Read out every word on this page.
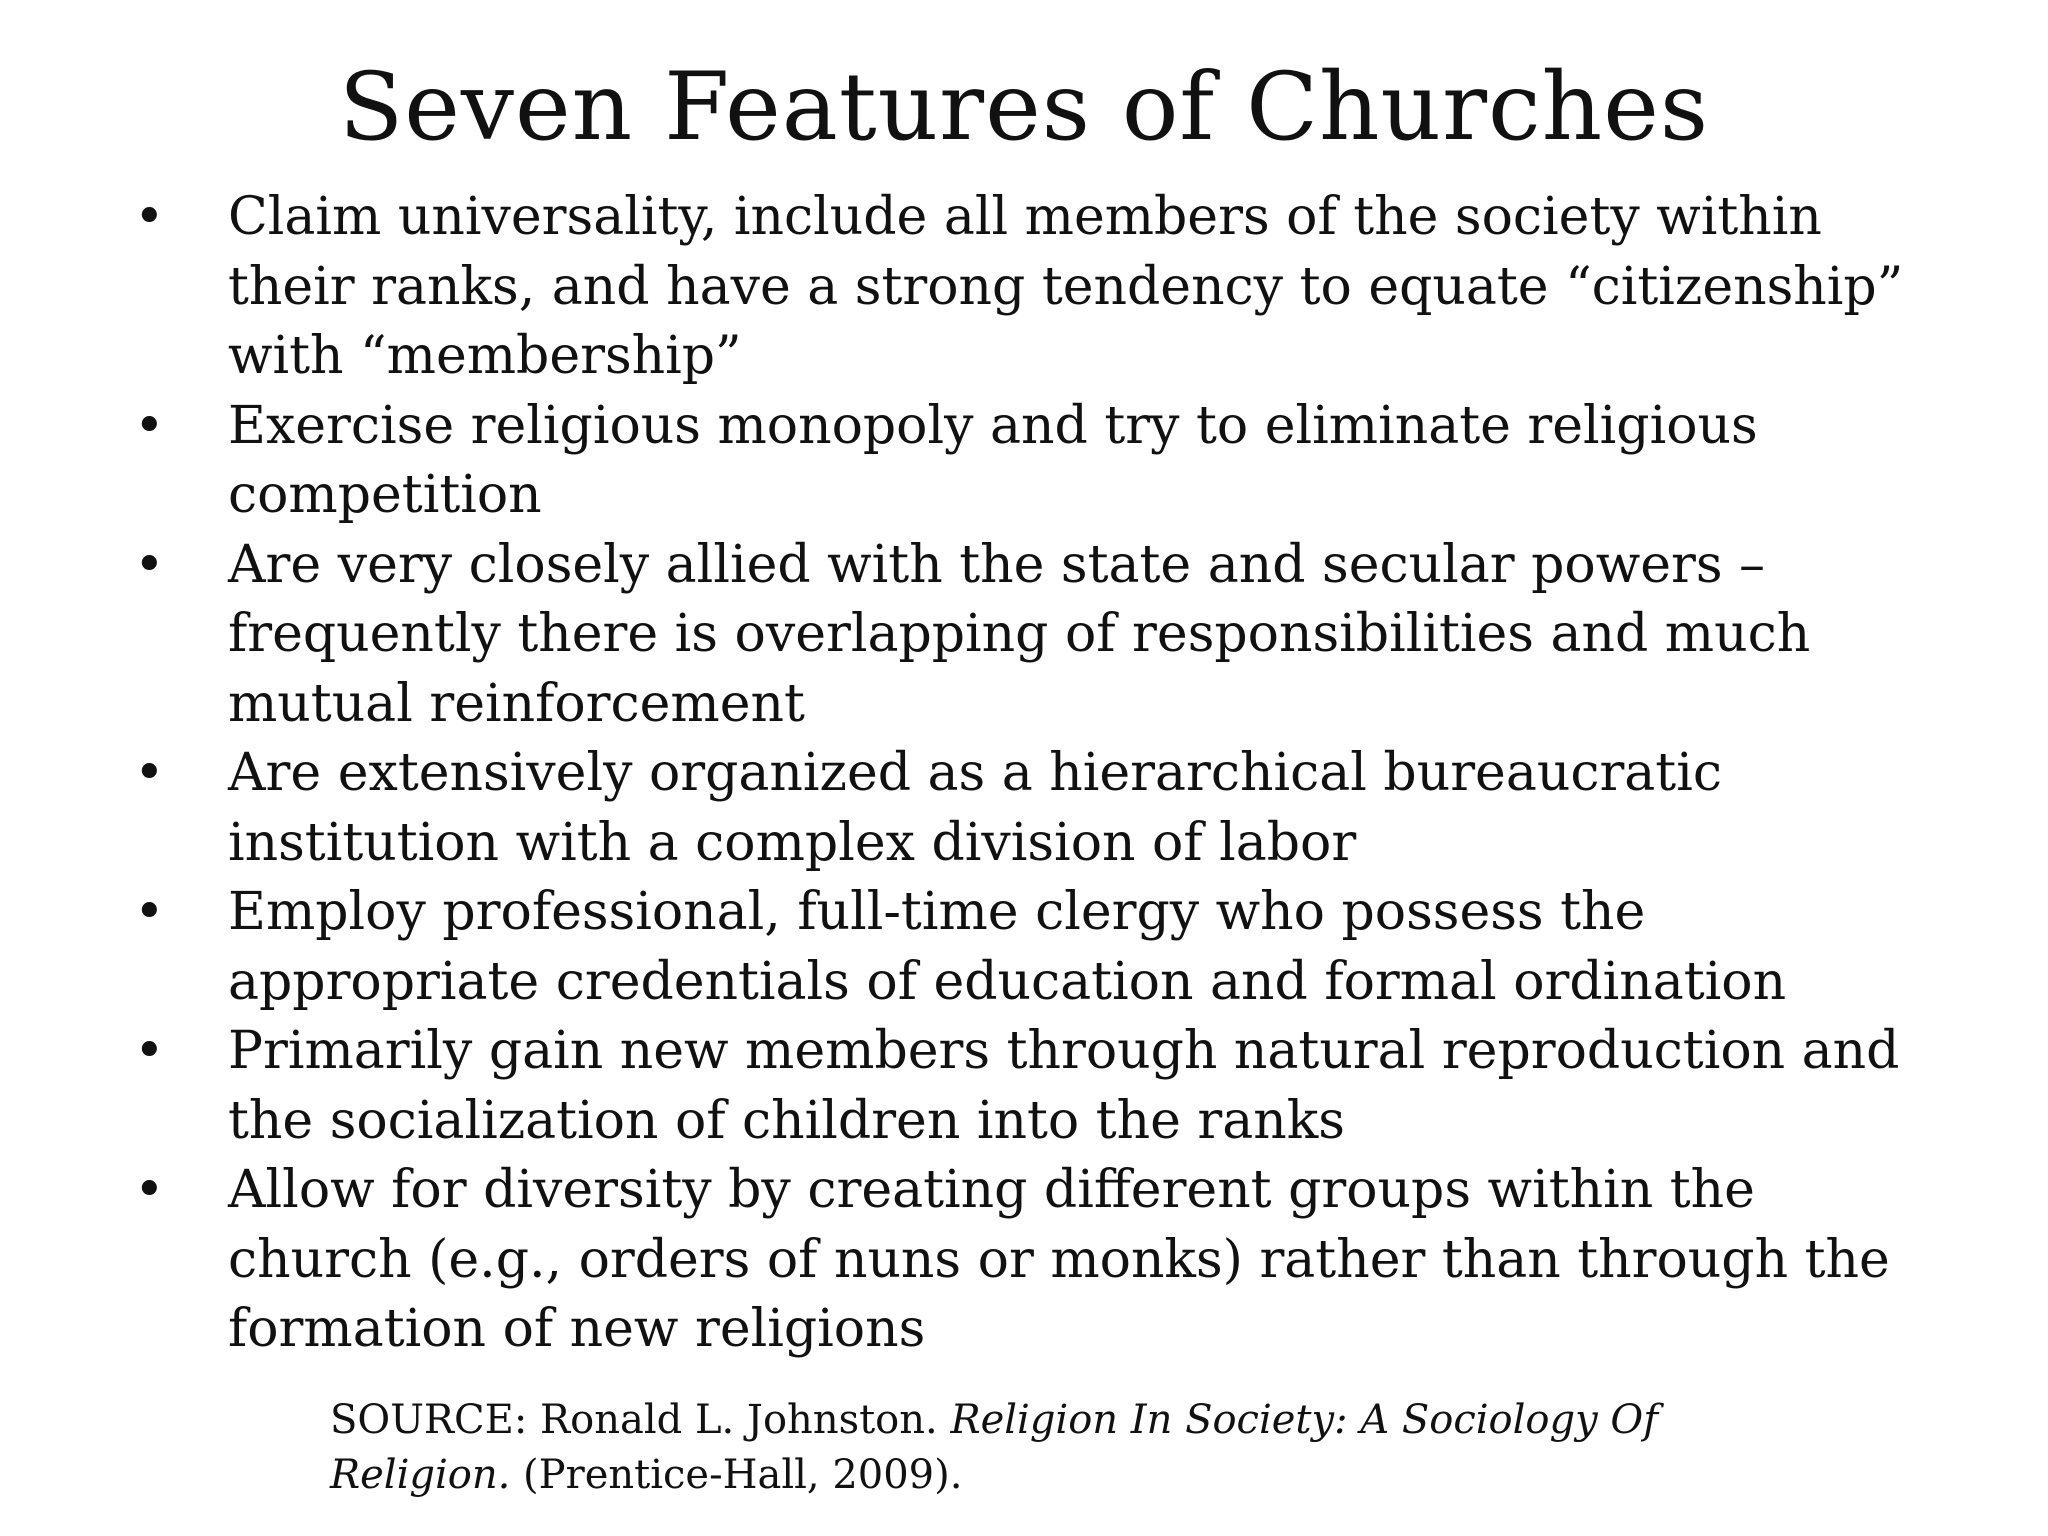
Seven Features of Churches
• Claim universality, include all members of the society within their ranks, and have a strong tendency to equate “citizenship” with “membership”
• Exercise religious monopoly and try to eliminate religious competition
• Are very closely allied with the state and secular powers – frequently there is overlapping of responsibilities and much mutual reinforcement
• Are extensively organized as a hierarchical bureaucratic institution with a complex division of labor
• Employ professional, full-time clergy who possess the appropriate credentials of education and formal ordination
• Primarily gain new members through natural reproduction and the socialization of children into the ranks
• Allow for diversity by creating different groups within the church (e.g., orders of nuns or monks) rather than through the formation of new religions
SOURCE: Ronald L. Johnston. Religion In Society: A Sociology Of Religion. (Prentice-Hall, 2009).
